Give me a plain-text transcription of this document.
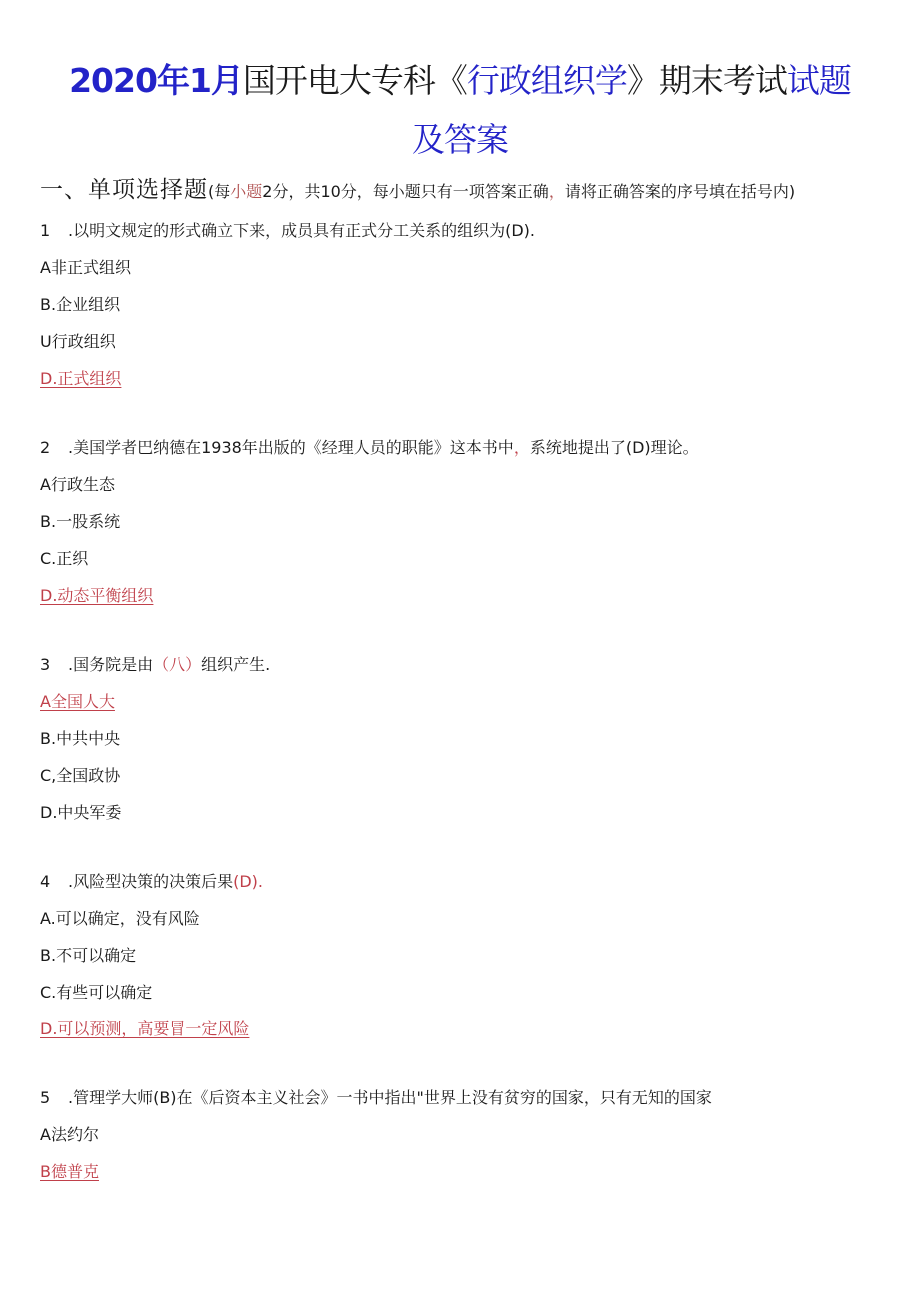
2020年1月国开电大专科《行政组织学》期末考试试题
及答案
一、单项选择题(每小题2分，共10分，每小题只有一项答案正确，请将正确答案的序号填在括号内)
1 .以明文规定的形式确立下来，成员具有正式分工关系的组织为(D).
A非正式组织
B.企业组织
U行政组织
D.正式组织
2 .美国学者巴纳德在1938年出版的《经理人员的职能》这本书中，系统地提出了(D)理论。
A行政生态
B.一股系统
C.正织
D.动态平衡组织
3 .国务院是由（八）组织产生.
A全国人大
B.中共中央
C,全国政协
D.中央军委
4 .风险型决策的决策后果(D).
A.可以确定，没有风险
B.不可以确定
C.有些可以确定
D.可以预测，高要冒一定风险
5 .管理学大师(B)在《后资本主义社会》一书中指出"世界上没有贫穷的国家，只有无知的国家
A法约尔
B德普克
